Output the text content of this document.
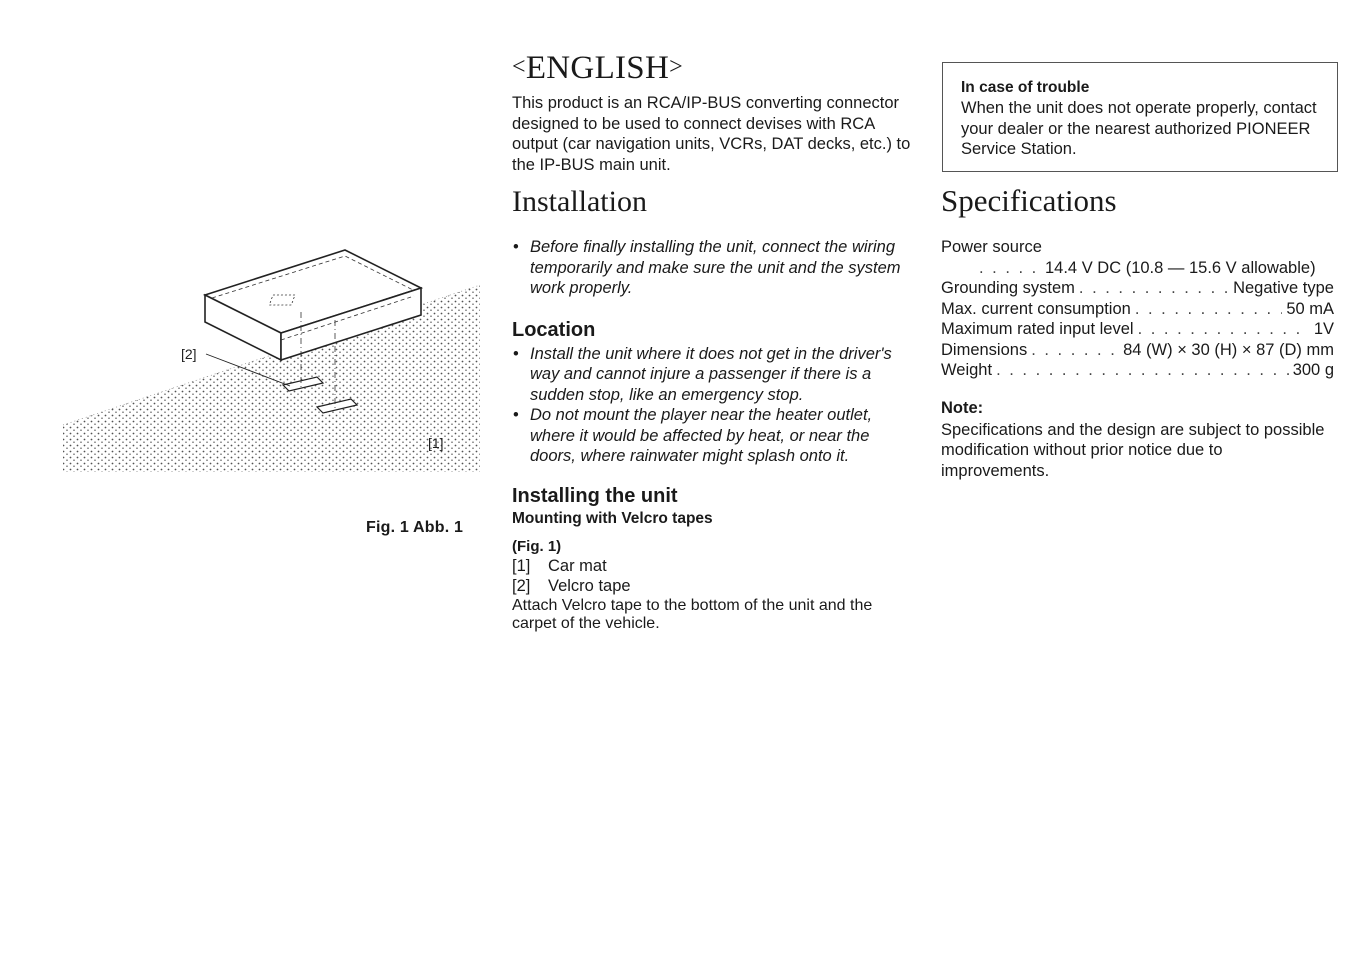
[2]
[1]
Fig. 1 Abb. 1
<ENGLISH>

This product is an RCA/IP-BUS converting connector designed to be used to connect devises with RCA output (car navigation units, VCRs, DAT decks, etc.) to the IP-BUS main unit.

Installation
• Before finally installing the unit, connect the wiring temporarily and make sure the unit and the system work properly.
Location
• Install the unit where it does not get in the driver's way and cannot injure a passenger if there is a sudden stop, like an emergency stop.
• Do not mount the player near the heater outlet, where it would be affected by heat, or near the doors, where rainwater might splash onto it.
Installing the unit
Mounting with Velcro tapes
(Fig. 1)
[1] Car mat
[2] Velcro tape

Attach Velcro tape to the bottom of the unit and the carpet of the vehicle.

In case of trouble

When the unit does not operate properly, contact your dealer or the nearest authorized PIONEER Service Station.

Specifications
Power source
. . .
14.4 V DC (10.8 — 15.6 V allowable)
Grounding system . . .	Negative type
Max. current consumption . . .	50 mA
Maximum rated input level . . .	1V
Dimensions . . .	84 (W) × 30 (H) × 87 (D) mm
Weight . . .	300 g
Note:

Specifications and the design are subject to possible modification without prior notice due to improvements.
